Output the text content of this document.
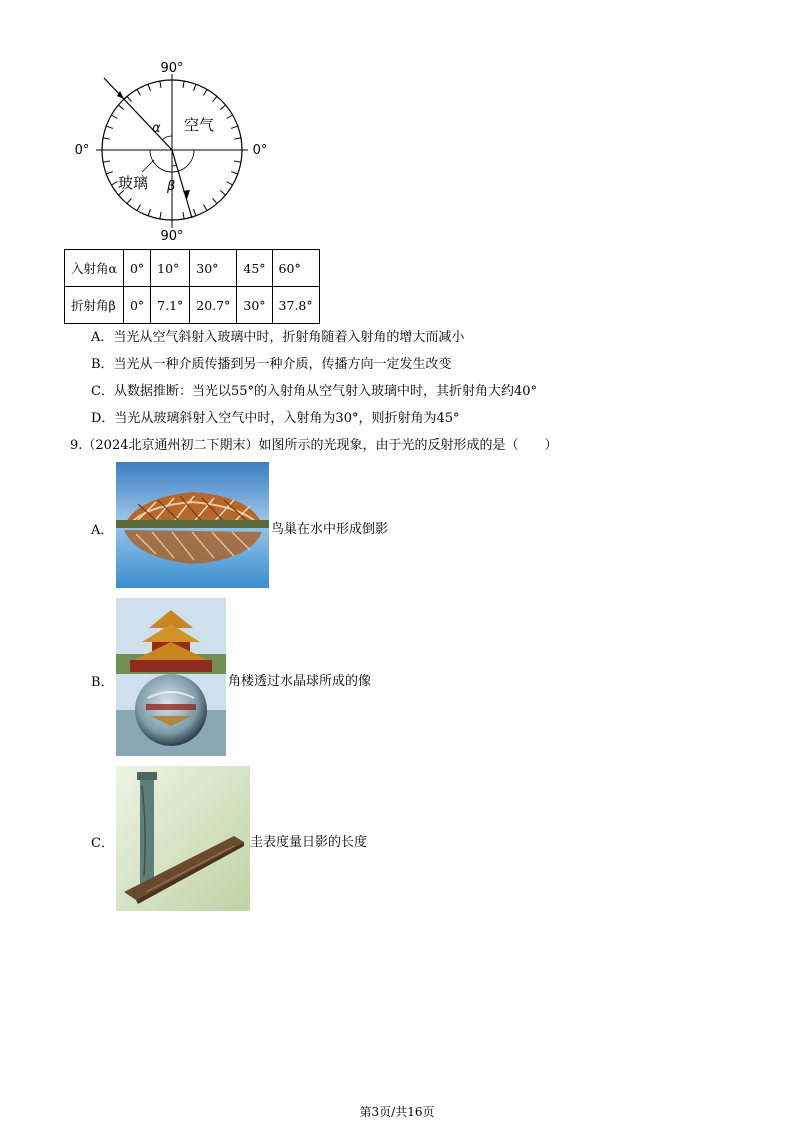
90°
90°
0°	0°
空气
玻璃
α
β
入射角α	0°	10°	30°	45°	60°
折射角β	0°	7.1°	20.7°	30°	37.8°
A．当光从空气斜射入玻璃中时，折射角随着入射角的增大而减小
B．当光从一种介质传播到另一种介质，传播方向一定发生改变
C．从数据推断：当光以55°的入射角从空气射入玻璃中时，其折射角大约40°
D．当光从玻璃斜射入空气中时，入射角为30°，则折射角为45°
9.（2024北京通州初二下期末）如图所示的光现象，由于光的反射形成的是（　　）
A．	鸟巢在水中形成倒影
B．	角楼透过水晶球所成的像
C．	圭表度量日影的长度
第3页/共16页
